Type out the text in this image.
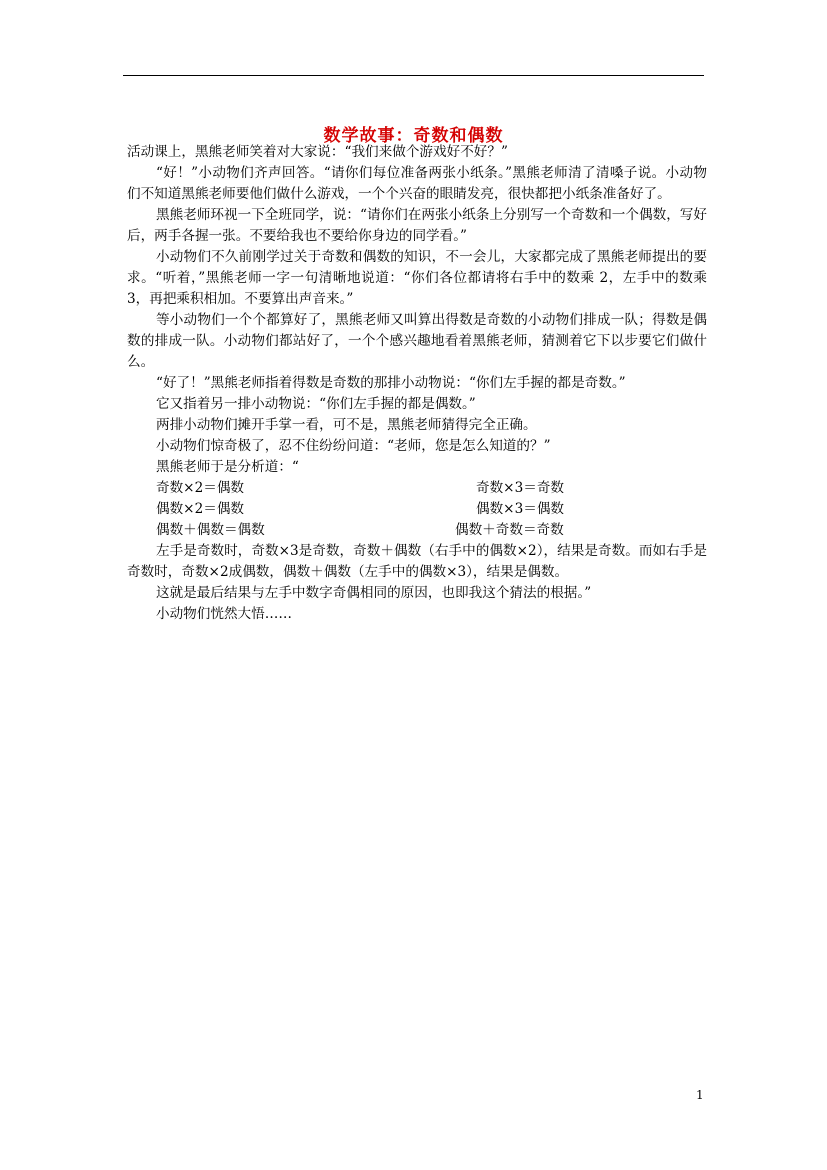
数学故事：奇数和偶数

活动课上，黑熊老师笑着对大家说：“我们来做个游戏好不好？”

“好！”小动物们齐声回答。“请你们每位准备两张小纸条。”黑熊老师清了清嗓子说。小动物们不知道黑熊老师要他们做什么游戏，一个个兴奋的眼睛发亮，很快都把小纸条准备好了。

黑熊老师环视一下全班同学，说：“请你们在两张小纸条上分别写一个奇数和一个偶数，写好后，两手各握一张。不要给我也不要给你身边的同学看。”

小动物们不久前刚学过关于奇数和偶数的知识，不一会儿，大家都完成了黑熊老师提出的要求。“听着，”黑熊老师一字一句清晰地说道：“你们各位都请将右手中的数乘 2，左手中的数乘 3，再把乘积相加。不要算出声音来。”

等小动物们一个个都算好了，黑熊老师又叫算出得数是奇数的小动物们排成一队；得数是偶数的排成一队。小动物们都站好了，一个个感兴趣地看着黑熊老师，猜测着它下以步要它们做什么。

“好了！”黑熊老师指着得数是奇数的那排小动物说：“你们左手握的都是奇数。”

它又指着另一排小动物说：“你们左手握的都是偶数。”

两排小动物们摊开手掌一看，可不是，黑熊老师猜得完全正确。

小动物们惊奇极了，忍不住纷纷问道：“老师，您是怎么知道的？”

黑熊老师于是分析道：“

奇数×2＝偶数	奇数×3＝奇数
偶数×2＝偶数	偶数×3＝偶数
偶数＋偶数＝偶数	偶数＋奇数＝奇数

左手是奇数时，奇数×3是奇数，奇数＋偶数（右手中的偶数×2），结果是奇数。而如右手是奇数时，奇数×2成偶数，偶数＋偶数（左手中的偶数×3），结果是偶数。

这就是最后结果与左手中数字奇偶相同的原因，也即我这个猜法的根据。”

小动物们恍然大悟……

1
